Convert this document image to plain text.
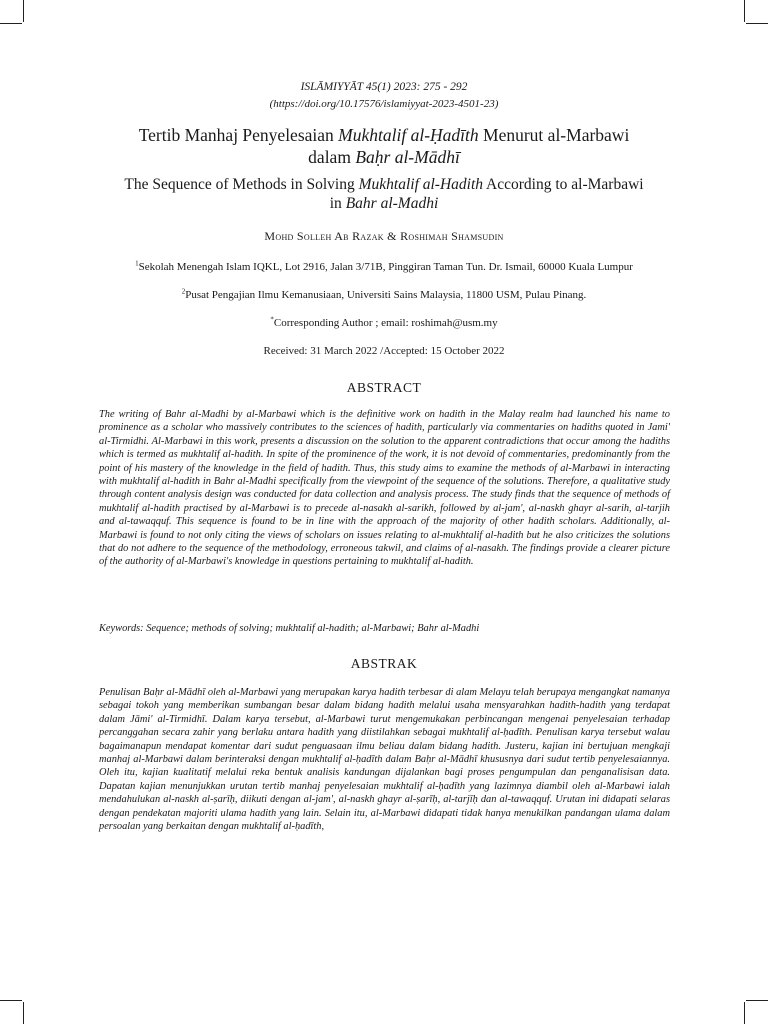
ISLĀMIYYĀT 45(1) 2023: 275 - 292
(https://doi.org/10.17576/islamiyyat-2023-4501-23)
Tertib Manhaj Penyelesaian Mukhtalif al-Ḥadīth Menurut al-Marbawi
dalam Baḥr al-Mādhī
The Sequence of Methods in Solving Mukhtalif al-Hadith According to al-Marbawi
in Bahr al-Madhi
Mohd Solleh Ab Razak & Roshimah Shamsudin
$^1$Sekolah Menengah Islam IQKL, Lot 2916, Jalan 3/71B, Pinggiran Taman Tun. Dr. Ismail, 60000 Kuala Lumpur
$^2$Pusat Pengajian Ilmu Kemanusiaan, Universiti Sains Malaysia, 11800 USM, Pulau Pinang.
*Corresponding Author ; email: roshimah@usm.my
Received: 31 March 2022 /Accepted: 15 October 2022
ABSTRACT
The writing of Bahr al-Madhi by al-Marbawi which is the definitive work on hadith in the Malay realm had launched his name to prominence as a scholar who massively contributes to the sciences of hadith, particularly via commentaries on hadiths quoted in Jami' al-Tirmidhi. Al-Marbawi in this work, presents a discussion on the solution to the apparent contradictions that occur among the hadiths which is termed as mukhtalif al-hadith. In spite of the prominence of the work, it is not devoid of commentaries, predominantly from the point of his mastery of the knowledge in the field of hadith. Thus, this study aims to examine the methods of al-Marbawi in interacting with mukhtalif al-hadith in Bahr al-Madhi specifically from the viewpoint of the sequence of the solutions. Therefore, a qualitative study through content analysis design was conducted for data collection and analysis process. The study finds that the sequence of methods of mukhtalif al-hadith practised by al-Marbawi is to precede al-nasakh al-sarikh, followed by al-jam', al-naskh ghayr al-sarih, al-tarjih and al-tawaqquf. This sequence is found to be in line with the approach of the majority of other hadith scholars. Additionally, al-Marbawi is found to not only citing the views of scholars on issues relating to al-mukhtalif al-hadith but he also criticizes the solutions that do not adhere to the sequence of the methodology, erroneous takwil, and claims of al-nasakh. The findings provide a clearer picture of the authority of al-Marbawi's knowledge in questions pertaining to mukhtalif al-hadith.
Keywords: Sequence; methods of solving; mukhtalif al-hadith; al-Marbawi; Bahr al-Madhi
ABSTRAK
Penulisan Baḥr al-Mādhī oleh al-Marbawi yang merupakan karya hadith terbesar di alam Melayu telah berupaya mengangkat namanya sebagai tokoh yang memberikan sumbangan besar dalam bidang hadith melalui usaha mensyarahkan hadith-hadith yang terdapat dalam Jāmi' al-Tirmidhī. Dalam karya tersebut, al-Marbawi turut mengemukakan perbincangan mengenai penyelesaian terhadap percanggahan secara zahir yang berlaku antara hadith yang diistilahkan sebagai mukhtalif al-ḥadīth. Penulisan karya tersebut walau bagaimanapun mendapat komentar dari sudut penguasaan ilmu beliau dalam bidang hadith. Justeru, kajian ini bertujuan mengkaji manhaj al-Marbawi dalam berinteraksi dengan mukhtalif al-ḥadīth dalam Baḥr al-Mādhī khususnya dari sudut tertib penyelesaiannya. Oleh itu, kajian kualitatif melalui reka bentuk analisis kandungan dijalankan bagi proses pengumpulan dan penganalisisan data. Dapatan kajian menunjukkan urutan tertib manhaj penyelesaian mukhtalif al-ḥadīth yang lazimnya diambil oleh al-Marbawi ialah mendahulukan al-naskh al-ṣarīḥ, diikuti dengan al-jam', al-naskh ghayr al-ṣarīḥ, al-tarjīḥ dan al-tawaqquf. Urutan ini didapati selaras dengan pendekatan majoriti ulama hadith yang lain. Selain itu, al-Marbawi didapati tidak hanya menukilkan pandangan ulama dalam persoalan yang berkaitan dengan mukhtalif al-ḥadīth,
